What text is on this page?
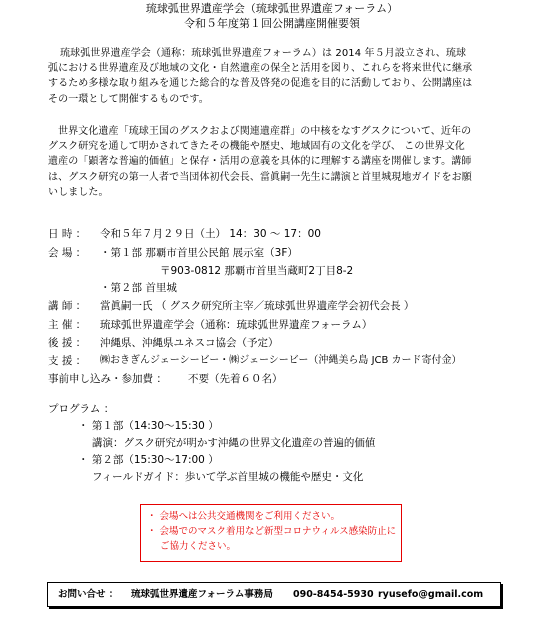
琉球弧世界遺産学会（琉球弧世界遺産フォーラム）
令和５年度第１回公開講座開催要領
琉球弧世界遺産学会（通称：琉球弧世界遺産フォーラム）は 2014 年５月設立され、琉球
弧における世界遺産及び地域の文化・自然遺産の保全と活用を図り、これらを将来世代に継承
するため多様な取り組みを通じた総合的な普及啓発の促進を目的に活動しており、公開講座は
その一環として開催するものです。
世界文化遺産「琉球王国のグスクおよび関連遺産群」の中核をなすグスクについて、近年の
グスク研究を通して明かされてきたその機能や歴史、地域固有の文化を学び、 この世界文化
遺産の「顕著な普遍的価値」と保存・活用の意義を具体的に理解する講座を開催します。講師
は、グスク研究の第一人者で当団体初代会長、當眞嗣一先生に講演と首里城現地ガイドをお願
いしました。
日 時 ： 令和５年７月２９日（土） 14：30 ～ 17：00
会 場 ： ・第１部 那覇市首里公民館 展示室（3F）
〒903-0812 那覇市首里当蔵町2丁目8-2
・第２部 首里城
講 師 ： 當眞嗣一氏 （ グスク研究所主宰／琉球弧世界遺産学会初代会長 ）
主 催 ： 琉球弧世界遺産学会（通称：琉球弧世界遺産フォーラム）
後 援 ： 沖縄県、沖縄県ユネスコ協会（予定）
支 援 ： ㈱おきぎんジェーシービー・㈱ジェーシービー（沖縄美ら島 JCB カード寄付金）
事前申し込み・参加費 ： 不要（先着６０名）
プログラム ：
・ 第１部（14:30～15:30 ）
講演：グスク研究が明かす沖縄の世界文化遺産の普遍的価値
・ 第２部（15:30～17:00 ）
フィールドガイド：歩いて学ぶ首里城の機能や歴史・文化
・ 会場へは公共交通機関をご利用ください。
・ 会場でのマスク着用など新型コロナウィルス感染防止に
ご協力ください。
お問い合せ ： 琉球弧世界遺産フォーラム事務局 090-8454-5930 ryusefo@gmail.com
